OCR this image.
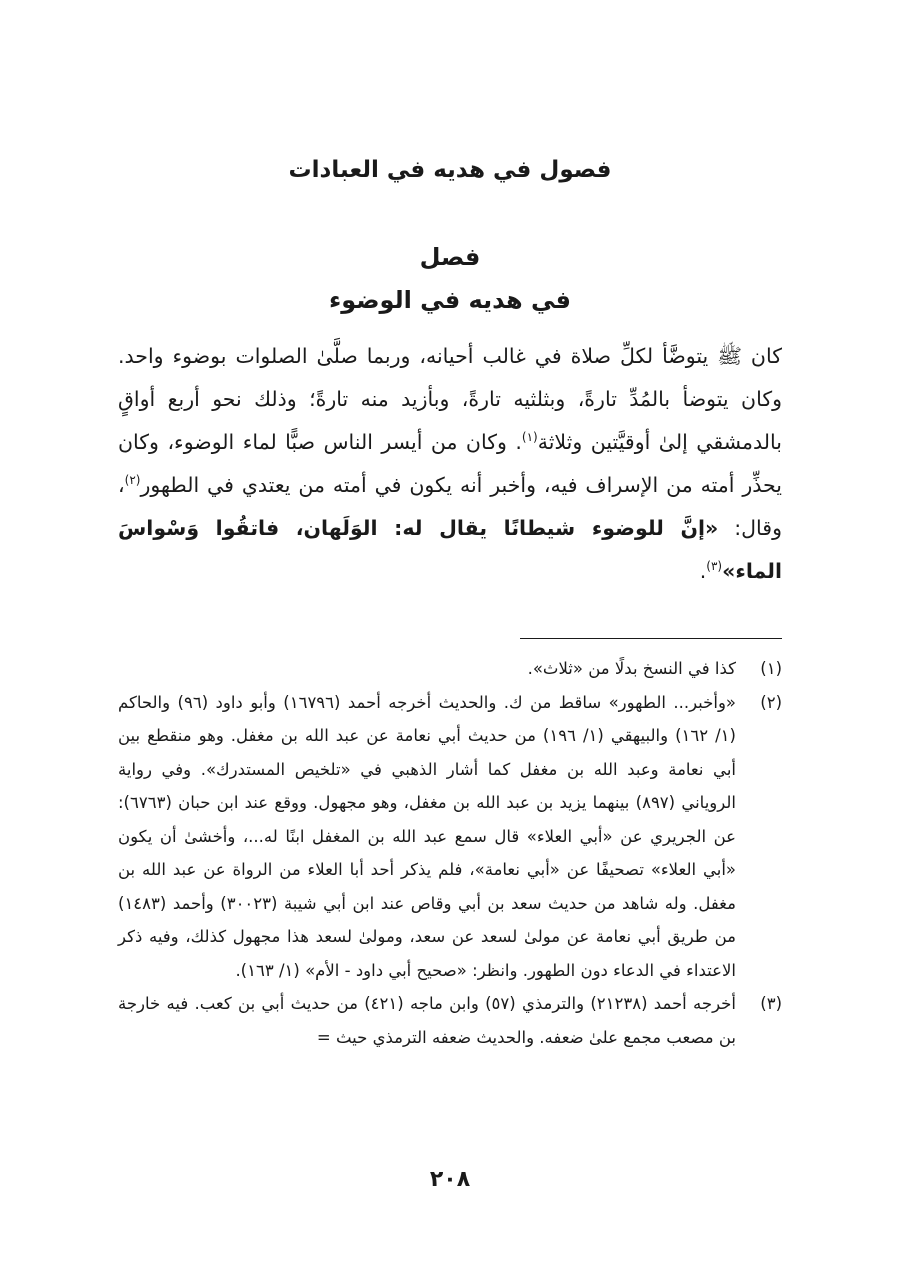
فصول في هديه في العبادات
فصل
في هديه في الوضوء
كان ﷺ يتوضَّأ لكلِّ صلاة في غالب أحيانه، وربما صلَّىٰ الصلوات بوضوء واحد. وكان يتوضأ بالمُدِّ تارةً، وبثلثيه تارةً، وبأزيد منه تارةً؛ وذلك نحو أربع أواقٍ بالدمشقي إلىٰ أوقيَّتين وثلاثة$^{(١)}$. وكان من أيسر الناس صبًّا لماء الوضوء، وكان يحذِّر أمته من الإسراف فيه، وأخبر أنه يكون في أمته من يعتدي في الطهور$^{(٢)}$، وقال: «إنَّ للوضوء شيطانًا يقال له: الوَلَهان، فاتقُوا وَسْواسَ الماء»$^{(٣)}$.
(١)
كذا في النسخ بدلًا من «ثلاث».
(٢)
«وأخبر... الطهور» ساقط من ك. والحديث أخرجه أحمد (١٦٧٩٦) وأبو داود (٩٦) والحاكم (١/ ١٦٢) والبيهقي (١/ ١٩٦) من حديث أبي نعامة عن عبد الله بن مغفل. وهو منقطع بين أبي نعامة وعبد الله بن مغفل كما أشار الذهبي في «تلخيص المستدرك». وفي رواية الروياني (٨٩٧) بينهما يزيد بن عبد الله بن مغفل، وهو مجهول. ووقع عند ابن حبان (٦٧٦٣): عن الجريري عن «أبي العلاء» قال سمع عبد الله بن المغفل ابنًا له...، وأخشىٰ أن يكون «أبي العلاء» تصحيفًا عن «أبي نعامة»، فلم يذكر أحد أبا العلاء من الرواة عن عبد الله بن مغفل. وله شاهد من حديث سعد بن أبي وقاص عند ابن أبي شيبة (٣٠٠٢٣) وأحمد (١٤٨٣) من طريق أبي نعامة عن مولىٰ لسعد عن سعد، ومولىٰ لسعد هذا مجهول كذلك، وفيه ذكر الاعتداء في الدعاء دون الطهور. وانظر: «صحيح أبي داود - الأم» (١/ ١٦٣).
(٣)
أخرجه أحمد (٢١٢٣٨) والترمذي (٥٧) وابن ماجه (٤٢١) من حديث أبي بن كعب. فيه خارجة بن مصعب مجمع علىٰ ضعفه. والحديث ضعفه الترمذي حيث =
٢٠٨
